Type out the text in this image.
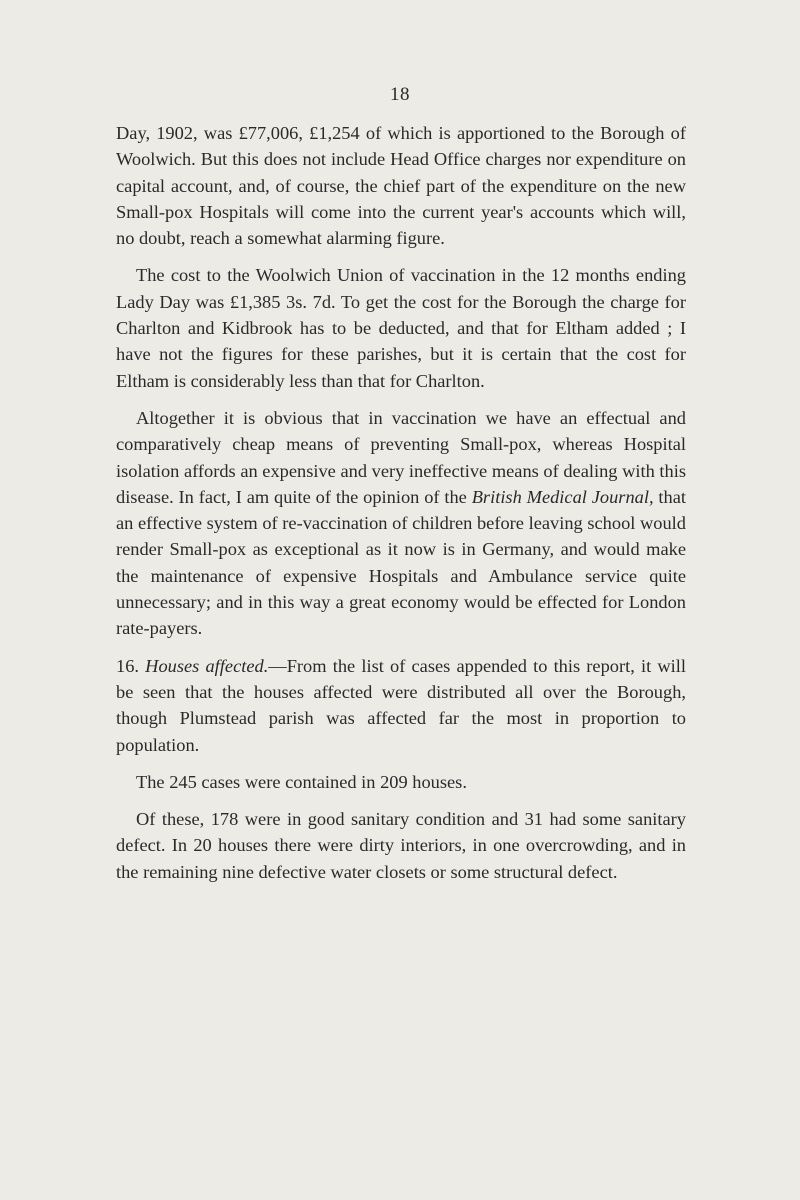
18

Day, 1902, was £77,006, £1,254 of which is apportioned to the Borough of Woolwich. But this does not include Head Office charges nor expenditure on capital account, and, of course, the chief part of the expenditure on the new Small-pox Hospitals will come into the current year's accounts which will, no doubt, reach a somewhat alarming figure.

The cost to the Woolwich Union of vaccination in the 12 months ending Lady Day was £1,385 3s. 7d. To get the cost for the Borough the charge for Charlton and Kidbrook has to be deducted, and that for Eltham added ; I have not the figures for these parishes, but it is certain that the cost for Eltham is considerably less than that for Charlton.

Altogether it is obvious that in vaccination we have an effectual and comparatively cheap means of preventing Small-pox, whereas Hospital isolation affords an expensive and very ineffective means of dealing with this disease. In fact, I am quite of the opinion of the British Medical Journal, that an effective system of re-vaccination of children before leaving school would render Small-pox as exceptional as it now is in Germany, and would make the maintenance of expensive Hospitals and Ambulance service quite unnecessary; and in this way a great economy would be effected for London rate-payers.

16. Houses affected.—From the list of cases appended to this report, it will be seen that the houses affected were distributed all over the Borough, though Plumstead parish was affected far the most in proportion to population.

The 245 cases were contained in 209 houses.

Of these, 178 were in good sanitary condition and 31 had some sanitary defect. In 20 houses there were dirty interiors, in one overcrowding, and in the remaining nine defective water closets or some structural defect.
